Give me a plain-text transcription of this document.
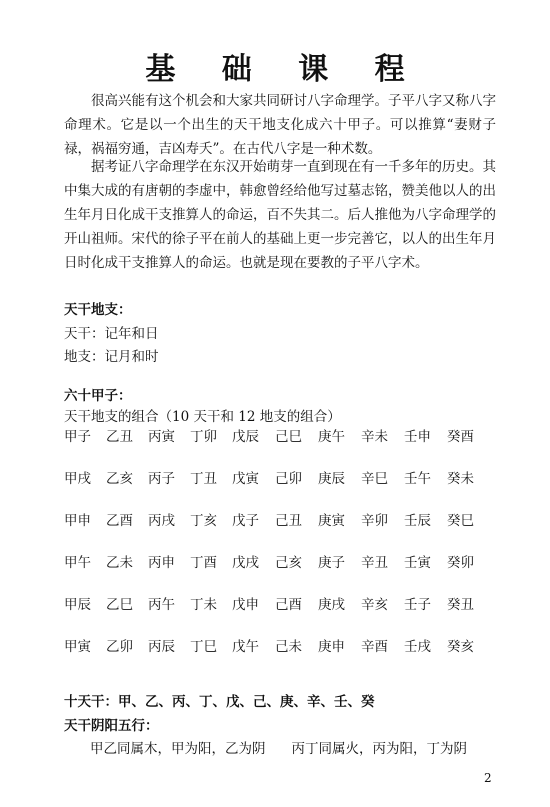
基 础 课 程

很高兴能有这个机会和大家共同研讨八字命理学。子平八字又称八字命理术。它是以一个出生的天干地支化成六十甲子。可以推算“妻财子禄，祸福穷通，吉凶寿夭”。在古代八字是一种术数。

据考证八字命理学在东汉开始萌芽一直到现在有一千多年的历史。其中集大成的有唐朝的李虚中，韩愈曾经给他写过墓志铭，赞美他以人的出生年月日化成干支推算人的命运，百不失其二。后人推他为八字命理学的开山祖师。宋代的徐子平在前人的基础上更一步完善它，以人的出生年月日时化成干支推算人的命运。也就是现在要教的子平八字术。

天干地支：
天干：记年和日
地支：记月和时
六十甲子：
天干地支的组合（10 天干和 12 地支的组合）
甲子 乙丑 丙寅 丁卯 戊辰 己巳 庚午 辛未 壬申 癸酉
甲戌 乙亥 丙子 丁丑 戊寅 己卯 庚辰 辛巳 壬午 癸未
甲申 乙酉 丙戌 丁亥 戊子 己丑 庚寅 辛卯 壬辰 癸巳
甲午 乙未 丙申 丁酉 戊戌 己亥 庚子 辛丑 壬寅 癸卯
甲辰 乙巳 丙午 丁未 戊申 己酉 庚戌 辛亥 壬子 癸丑
甲寅 乙卯 丙辰 丁巳 戊午 己未 庚申 辛酉 壬戌 癸亥
十天干：甲、乙、丙、丁、戊、己、庚、辛、壬、癸
天干阴阳五行：
甲乙同属木，甲为阳，乙为阴 丙丁同属火，丙为阳，丁为阴
2
